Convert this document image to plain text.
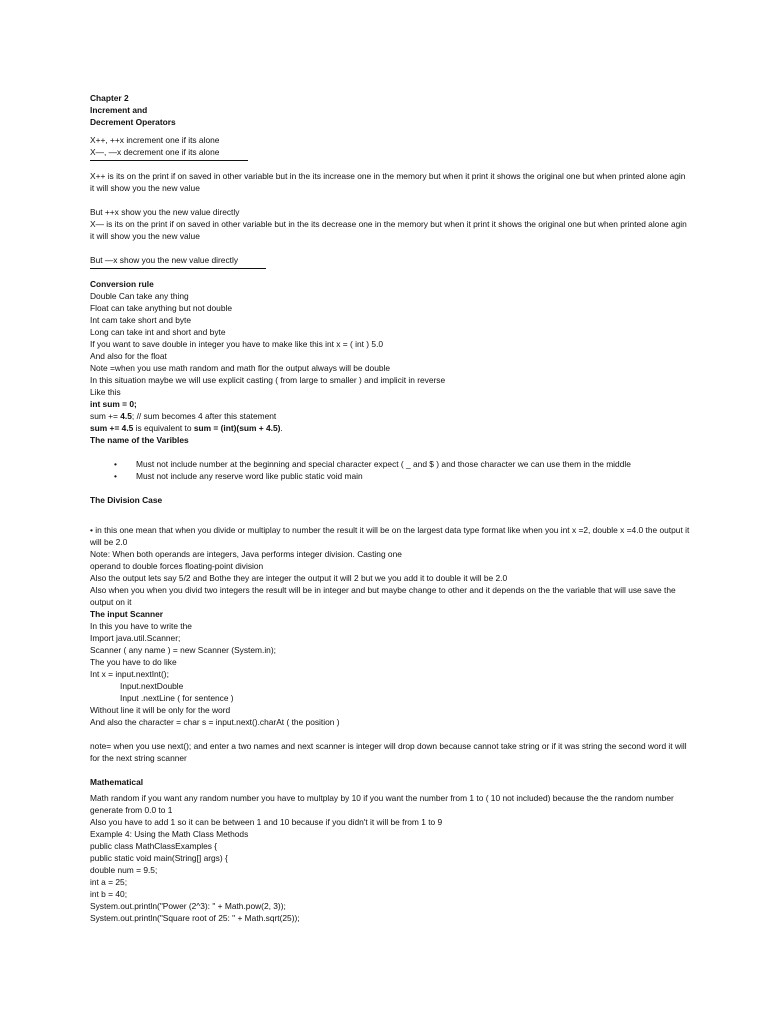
Chapter 2
Increment and
Decrement Operators
X++, ++x increment one if its alone
X—, —x decrement one if its alone
X++ is its on the print if on saved in other variable but in the its increase one in the memory but when it print it shows the original one but when printed alone agin it will show you the new value
But ++x show you the new value directly
X— is its on the print if on saved in other variable but in the its decrease one in the memory but when it print it shows the original one but when printed alone agin it will show you the new value
But —x show you the new value directly
Conversion rule
Double Can take any thing
Float can take anything but not double
Int cam take short and byte
Long can take int and short and byte
If you want to save double in integer you have to make like this int x = ( int ) 5.0
And also for the float
Note =when you use math random and math flor the output always will be double
In this situation maybe we will use explicit casting ( from large to smaller ) and implicit in reverse
Like this
int sum = 0;
sum += 4.5; // sum becomes 4 after this statement
sum += 4.5 is equivalent to sum = (int)(sum + 4.5).
The name of the Varibles
• Must not include number at the beginning and special character expect ( _ and $ ) and those character we can use them in the middle
• Must not include any reserve word like public static void main
The Division Case
• in this one mean that when you divide or multiplay to number the result it will be on the largest data type format like when you int x =2, double x =4.0 the output it will be 2.0
Note: When both operands are integers, Java performs integer division. Casting one
operand to double forces floating-point division
Also the output lets say 5/2 and Bothe they are integer the output it will 2 but we you add it to double it will be 2.0
Also when you when you divid two integers the result will be in integer and but maybe change to other and it depends on the the variable that will use save the output on it
The input Scanner
In this you have to write the
Import java.util.Scanner;
Scanner ( any name ) = new Scanner (System.in);
The you have to do like
Int x = input.nextInt();
Input.nextDouble
Input .nextLine ( for sentence )
Without line it will be only for the word
And also the character = char s = input.next().charAt ( the position )
note= when you use next(); and enter a two names and next scanner is integer will drop down because cannot take string or if it was string the second word it will for the next string scanner
Mathematical
Math random if you want any random number you have to multplay by 10 if you want the number from 1 to ( 10 not included) because the the random number generate from 0.0 to 1
Also you have to add 1 so it can be between 1 and 10 because if you didn't it will be from 1 to 9
Example 4: Using the Math Class Methods
public class MathClassExamples {
public static void main(String[] args) {
double num = 9.5;
int a = 25;
int b = 40;
System.out.println("Power (2^3): " + Math.pow(2, 3));
System.out.println("Square root of 25: " + Math.sqrt(25));
